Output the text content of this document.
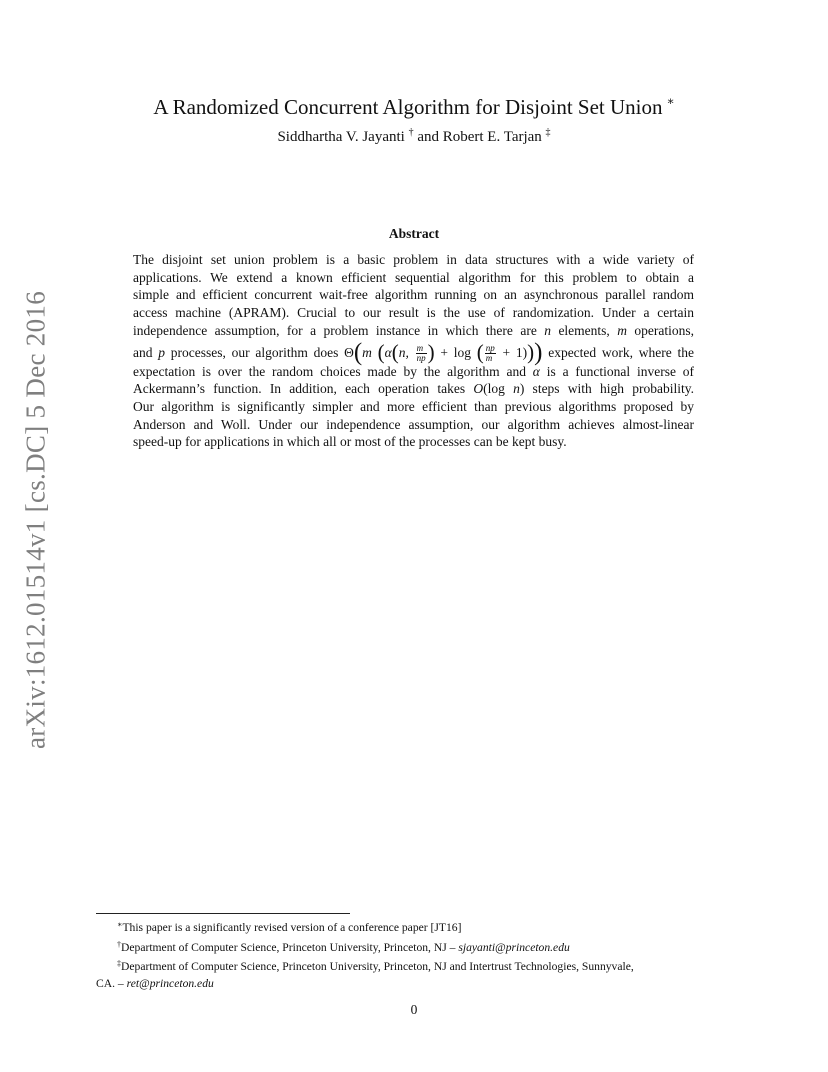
arXiv:1612.01514v1 [cs.DC] 5 Dec 2016
A Randomized Concurrent Algorithm for Disjoint Set Union ∗
Siddhartha V. Jayanti † and Robert E. Tarjan ‡
Abstract
The disjoint set union problem is a basic problem in data structures with a wide variety of
applications. We extend a known efficient sequential algorithm for this problem to obtain a
simple and efficient concurrent wait-free algorithm running on an asynchronous parallel random
access machine (APRAM). Crucial to our result is the use of randomization. Under a certain
independence assumption, for a problem instance in which there are n elements, m operations,
and p processes, our algorithm does Θ(m (α(n, $\frac{m}{np}$ ) + log ( $\frac{np}{m} + 1$))) expected work, where the
expectation is over the random choices made by the algorithm and α is a functional inverse of
Ackermann’s function. In addition, each operation takes O(log n) steps with high probability.
Our algorithm is significantly simpler and more efficient than previous algorithms proposed by
Anderson and Woll. Under our independence assumption, our algorithm achieves almost-linear
speed-up for applications in which all or most of the processes can be kept busy.
∗This paper is a significantly revised version of a conference paper [JT16]
†Department of Computer Science, Princeton University, Princeton, NJ – sjayanti@princeton.edu
‡Department of Computer Science, Princeton University, Princeton, NJ and Intertrust Technologies, Sunnyvale,
CA. – ret@princeton.edu
0
